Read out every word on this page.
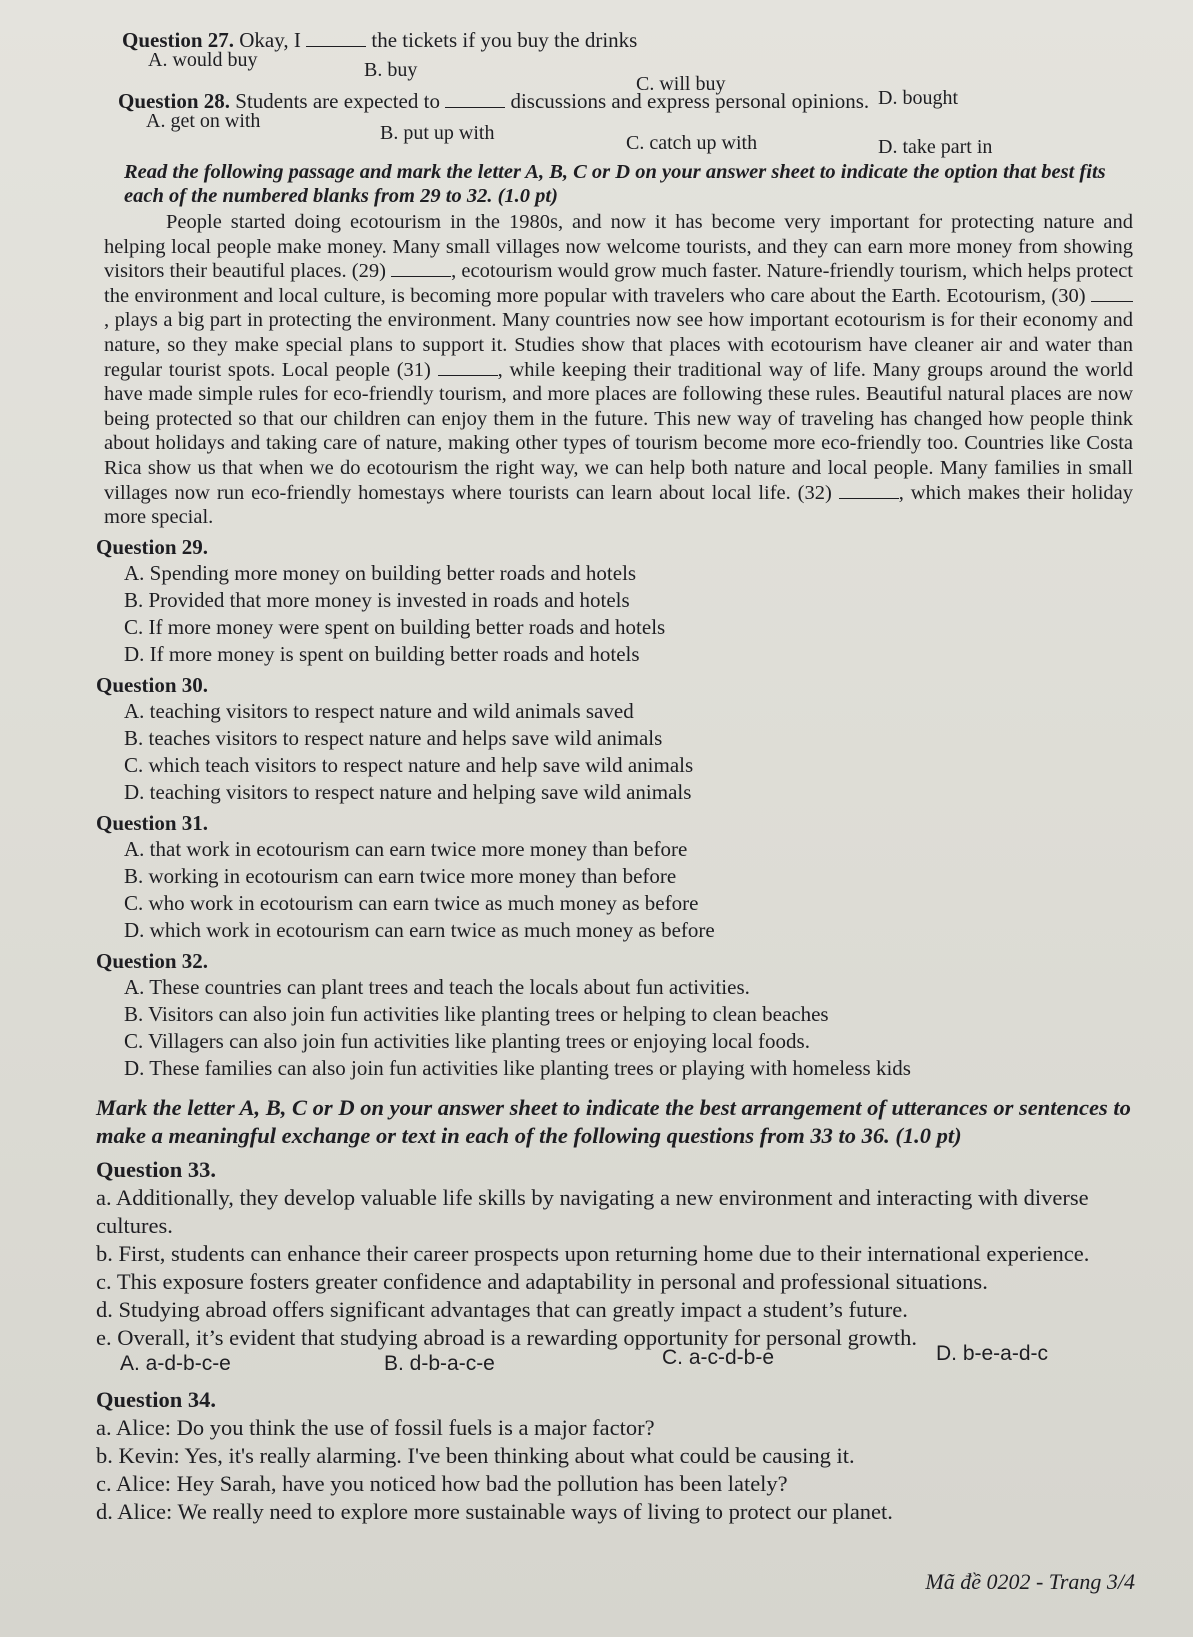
Question 27. Okay, I	the tickets if you buy the drinks
A. would buy	B. buy
C. will buy
D. bought
Question 28. Students are expected to	discussions and express personal opinions.
A. get on with
B. put up with	C. catch up with	D. take part in
Read the following passage and mark the letter A, B, C or D on your answer sheet to indicate the option that best fits each of the numbered blanks from 29 to 32. (1.0 pt)
People started doing ecotourism in the 1980s, and now it has become very important for protecting nature and helping local people make money. Many small villages now welcome tourists, and they can earn more money from showing visitors their beautiful places. (29)	, ecotourism would grow much faster. Nature-friendly tourism, which helps protect the environment and local culture, is becoming more popular with travelers who care about the Earth. Ecotourism, (30) , plays a big part in protecting the environment. Many countries now see how important ecotourism is for their economy and nature, so they make special plans to support it. Studies show that places with ecotourism have cleaner air and water than regular tourist spots. Local people (31)	, while keeping their traditional way of life. Many groups around the world have made simple rules for eco-friendly tourism, and more places are following these rules. Beautiful natural places are now being protected so that our children can enjoy them in the future. This new way of traveling has changed how people think about holidays and taking care of nature, making other types of tourism become more eco-friendly too. Countries like Costa Rica show us that when we do ecotourism the right way, we can help both nature and local people. Many families in small villages now run eco-friendly homestays where tourists can learn about local life. (32)	, which makes their holiday more special.
Question 29.
A. Spending more money on building better roads and hotels
B. Provided that more money is invested in roads and hotels
C. If more money were spent on building better roads and hotels
D. If more money is spent on building better roads and hotels
Question 30.
A. teaching visitors to respect nature and wild animals saved
B. teaches visitors to respect nature and helps save wild animals
C. which teach visitors to respect nature and help save wild animals
D. teaching visitors to respect nature and helping save wild animals
Question 31.
A. that work in ecotourism can earn twice more money than before
B. working in ecotourism can earn twice more money than before
C. who work in ecotourism can earn twice as much money as before
D. which work in ecotourism can earn twice as much money as before
Question 32.
A. These countries can plant trees and teach the locals about fun activities.
B. Visitors can also join fun activities like planting trees or helping to clean beaches
C. Villagers can also join fun activities like planting trees or enjoying local foods.
D. These families can also join fun activities like planting trees or playing with homeless kids
Mark the letter A, B, C or D on your answer sheet to indicate the best arrangement of utterances or sentences to make a meaningful exchange or text in each of the following questions from 33 to 36. (1.0 pt)
Question 33.
a. Additionally, they develop valuable life skills by navigating a new environment and interacting with diverse cultures.
b. First, students can enhance their career prospects upon returning home due to their international experience.
c. This exposure fosters greater confidence and adaptability in personal and professional situations.
d. Studying abroad offers significant advantages that can greatly impact a student’s future.
e. Overall, it’s evident that studying abroad is a rewarding opportunity for personal growth.
A. a-d-b-c-e	B. d-b-a-c-e	C. a-c-d-b-e	D. b-e-a-d-c
Question 34.
a. Alice: Do you think the use of fossil fuels is a major factor?
b. Kevin: Yes, it's really alarming. I've been thinking about what could be causing it.
c. Alice: Hey Sarah, have you noticed how bad the pollution has been lately?
d. Alice: We really need to explore more sustainable ways of living to protect our planet.
Mã đề 0202 - Trang 3/4
